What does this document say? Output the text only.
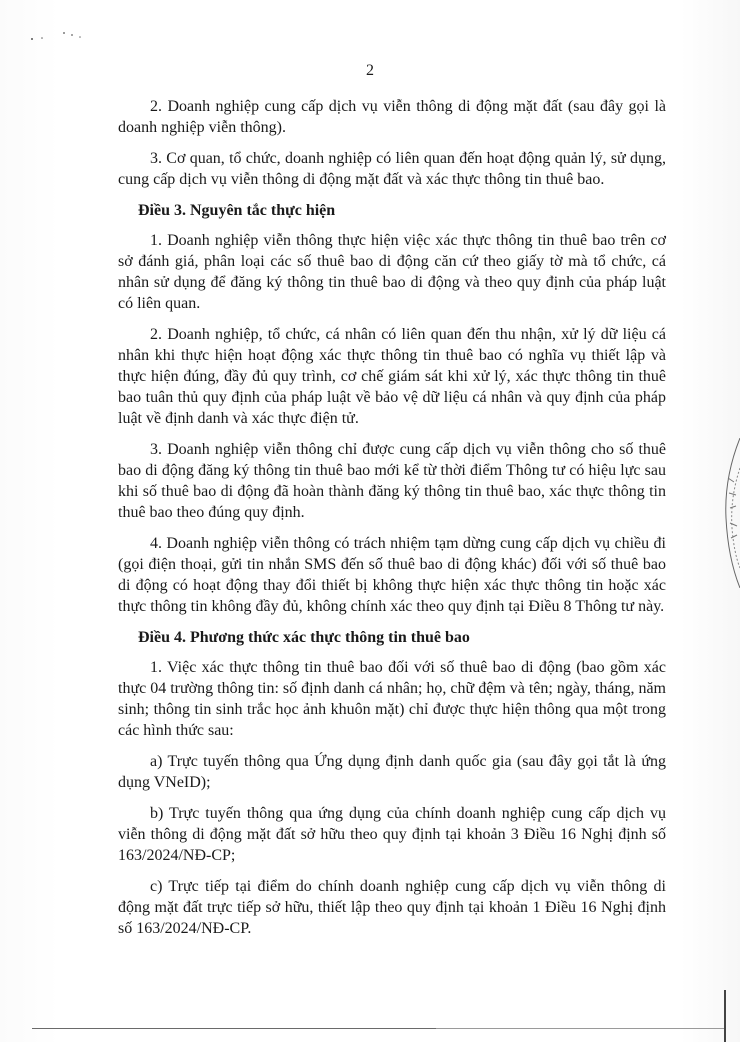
2

2. Doanh nghiệp cung cấp dịch vụ viễn thông di động mặt đất (sau đây gọi là doanh nghiệp viễn thông).

3. Cơ quan, tổ chức, doanh nghiệp có liên quan đến hoạt động quản lý, sử dụng, cung cấp dịch vụ viễn thông di động mặt đất và xác thực thông tin thuê bao.

Điều 3. Nguyên tắc thực hiện

1. Doanh nghiệp viễn thông thực hiện việc xác thực thông tin thuê bao trên cơ sở đánh giá, phân loại các số thuê bao di động căn cứ theo giấy tờ mà tổ chức, cá nhân sử dụng để đăng ký thông tin thuê bao di động và theo quy định của pháp luật có liên quan.

2. Doanh nghiệp, tổ chức, cá nhân có liên quan đến thu nhận, xử lý dữ liệu cá nhân khi thực hiện hoạt động xác thực thông tin thuê bao có nghĩa vụ thiết lập và thực hiện đúng, đầy đủ quy trình, cơ chế giám sát khi xử lý, xác thực thông tin thuê bao tuân thủ quy định của pháp luật về bảo vệ dữ liệu cá nhân và quy định của pháp luật về định danh và xác thực điện tử.

3. Doanh nghiệp viễn thông chỉ được cung cấp dịch vụ viễn thông cho số thuê bao di động đăng ký thông tin thuê bao mới kể từ thời điểm Thông tư có hiệu lực sau khi số thuê bao di động đã hoàn thành đăng ký thông tin thuê bao, xác thực thông tin thuê bao theo đúng quy định.

4. Doanh nghiệp viễn thông có trách nhiệm tạm dừng cung cấp dịch vụ chiều đi (gọi điện thoại, gửi tin nhắn SMS đến số thuê bao di động khác) đối với số thuê bao di động có hoạt động thay đổi thiết bị không thực hiện xác thực thông tin hoặc xác thực thông tin không đầy đủ, không chính xác theo quy định tại Điều 8 Thông tư này.

Điều 4. Phương thức xác thực thông tin thuê bao

1. Việc xác thực thông tin thuê bao đối với số thuê bao di động (bao gồm xác thực 04 trường thông tin: số định danh cá nhân; họ, chữ đệm và tên; ngày, tháng, năm sinh; thông tin sinh trắc học ảnh khuôn mặt) chỉ được thực hiện thông qua một trong các hình thức sau:

a) Trực tuyến thông qua Ứng dụng định danh quốc gia (sau đây gọi tắt là ứng dụng VNeID);

b) Trực tuyến thông qua ứng dụng của chính doanh nghiệp cung cấp dịch vụ viễn thông di động mặt đất sở hữu theo quy định tại khoản 3 Điều 16 Nghị định số 163/2024/NĐ-CP;

c) Trực tiếp tại điểm do chính doanh nghiệp cung cấp dịch vụ viễn thông di động mặt đất trực tiếp sở hữu, thiết lập theo quy định tại khoản 1 Điều 16 Nghị định số 163/2024/NĐ-CP.
